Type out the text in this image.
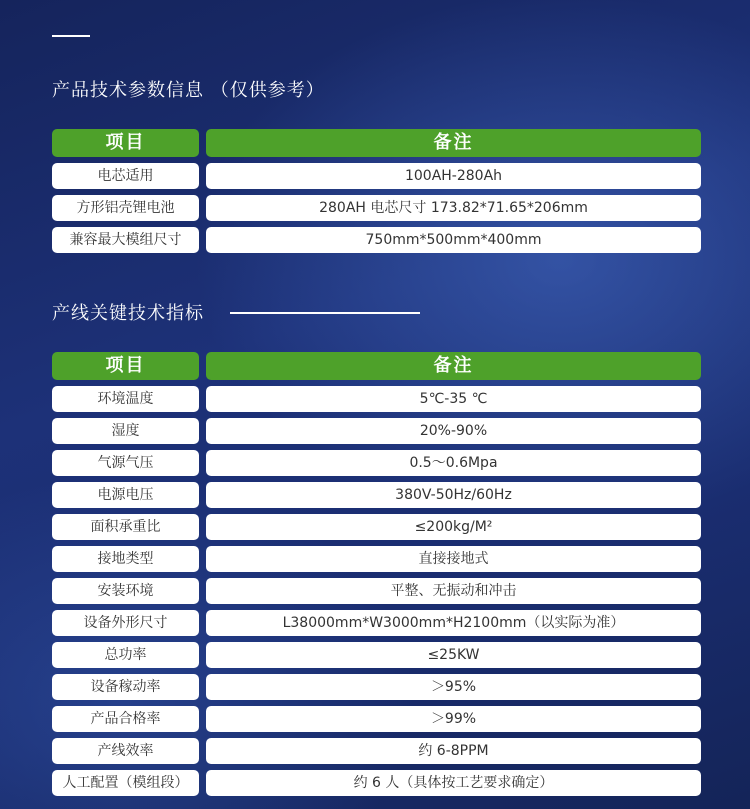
产品技术参数信息 （仅供参考）
项目	备注
电芯适用	100AH-280Ah
方形铝壳锂电池	280AH 电芯尺寸 173.82*71.65*206mm
兼容最大模组尺寸	750mm*500mm*400mm
产线关键技术指标
项目	备注
环境温度	5℃-35 ℃
湿度	20%-90%
气源气压	0.5～0.6Mpa
电源电压	380V-50Hz/60Hz
面积承重比	≤200kg/M²
接地类型	直接接地式
安装环境	平整、无振动和冲击
设备外形尺寸	L38000mm*W3000mm*H2100mm（以实际为准）
总功率	≤25KW
设备稼动率	＞95%
产品合格率	＞99%
产线效率	约 6-8PPM
人工配置（模组段）	约 6 人（具体按工艺要求确定）
